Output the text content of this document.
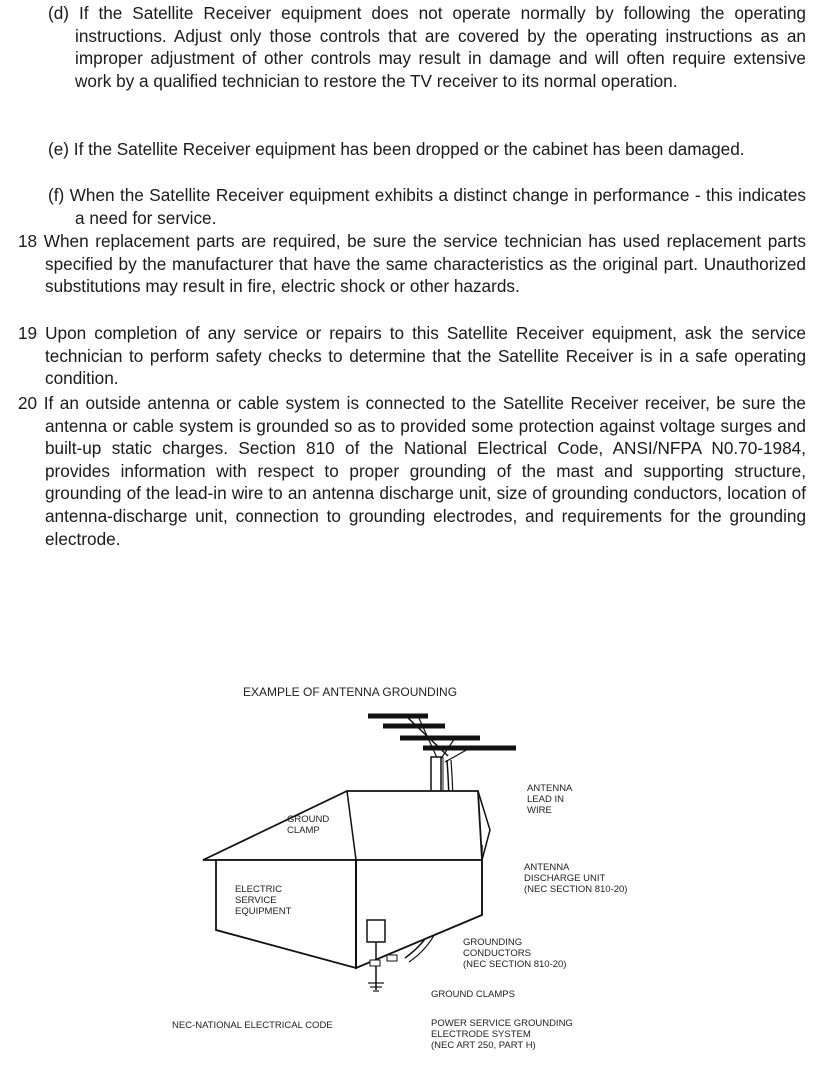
(d) If the Satellite Receiver equipment does not operate normally by following the operating instructions. Adjust only those controls that are covered by the operating instructions as an improper adjustment of other controls may result in damage and will often require extensive work by a qualified technician to restore the TV receiver to its normal operation.
(e) If the Satellite Receiver equipment has been dropped or the cabinet has been damaged.
(f) When the Satellite Receiver equipment exhibits a distinct change in performance - this indicates a need for service.
18 When replacement parts are required, be sure the service technician has used replacement parts specified by the manufacturer that have the same characteristics as the original part. Unauthorized substitutions may result in fire, electric shock or other hazards.
19 Upon completion of any service or repairs to this Satellite Receiver equipment, ask the service technician to perform safety checks to determine that the Satellite Receiver is in a safe operating condition.
20 If an outside antenna or cable system is connected to the Satellite Receiver receiver, be sure the antenna or cable system is grounded so as to provided some protection against voltage surges and built-up static charges. Section 810 of the National Electrical Code, ANSI/NFPA N0.70-1984, provides information with respect to proper grounding of the mast and supporting structure, grounding of the lead-in wire to an antenna discharge unit, size of grounding conductors, location of antenna-discharge unit, connection to grounding electrodes, and requirements for the grounding electrode.
EXAMPLE OF ANTENNA GROUNDING
ANTENNA
LEAD IN
WIRE
GROUND
CLAMP
ANTENNA
DISCHARGE UNIT
(NEC SECTION 810-20)
ELECTRIC
SERVICE
EQUIPMENT
GROUNDING
CONDUCTORS
(NEC SECTION 810-20)
GROUND CLAMPS
NEC-NATIONAL ELECTRICAL CODE	POWER SERVICE GROUNDING
ELECTRODE SYSTEM
(NEC ART 250, PART H)
